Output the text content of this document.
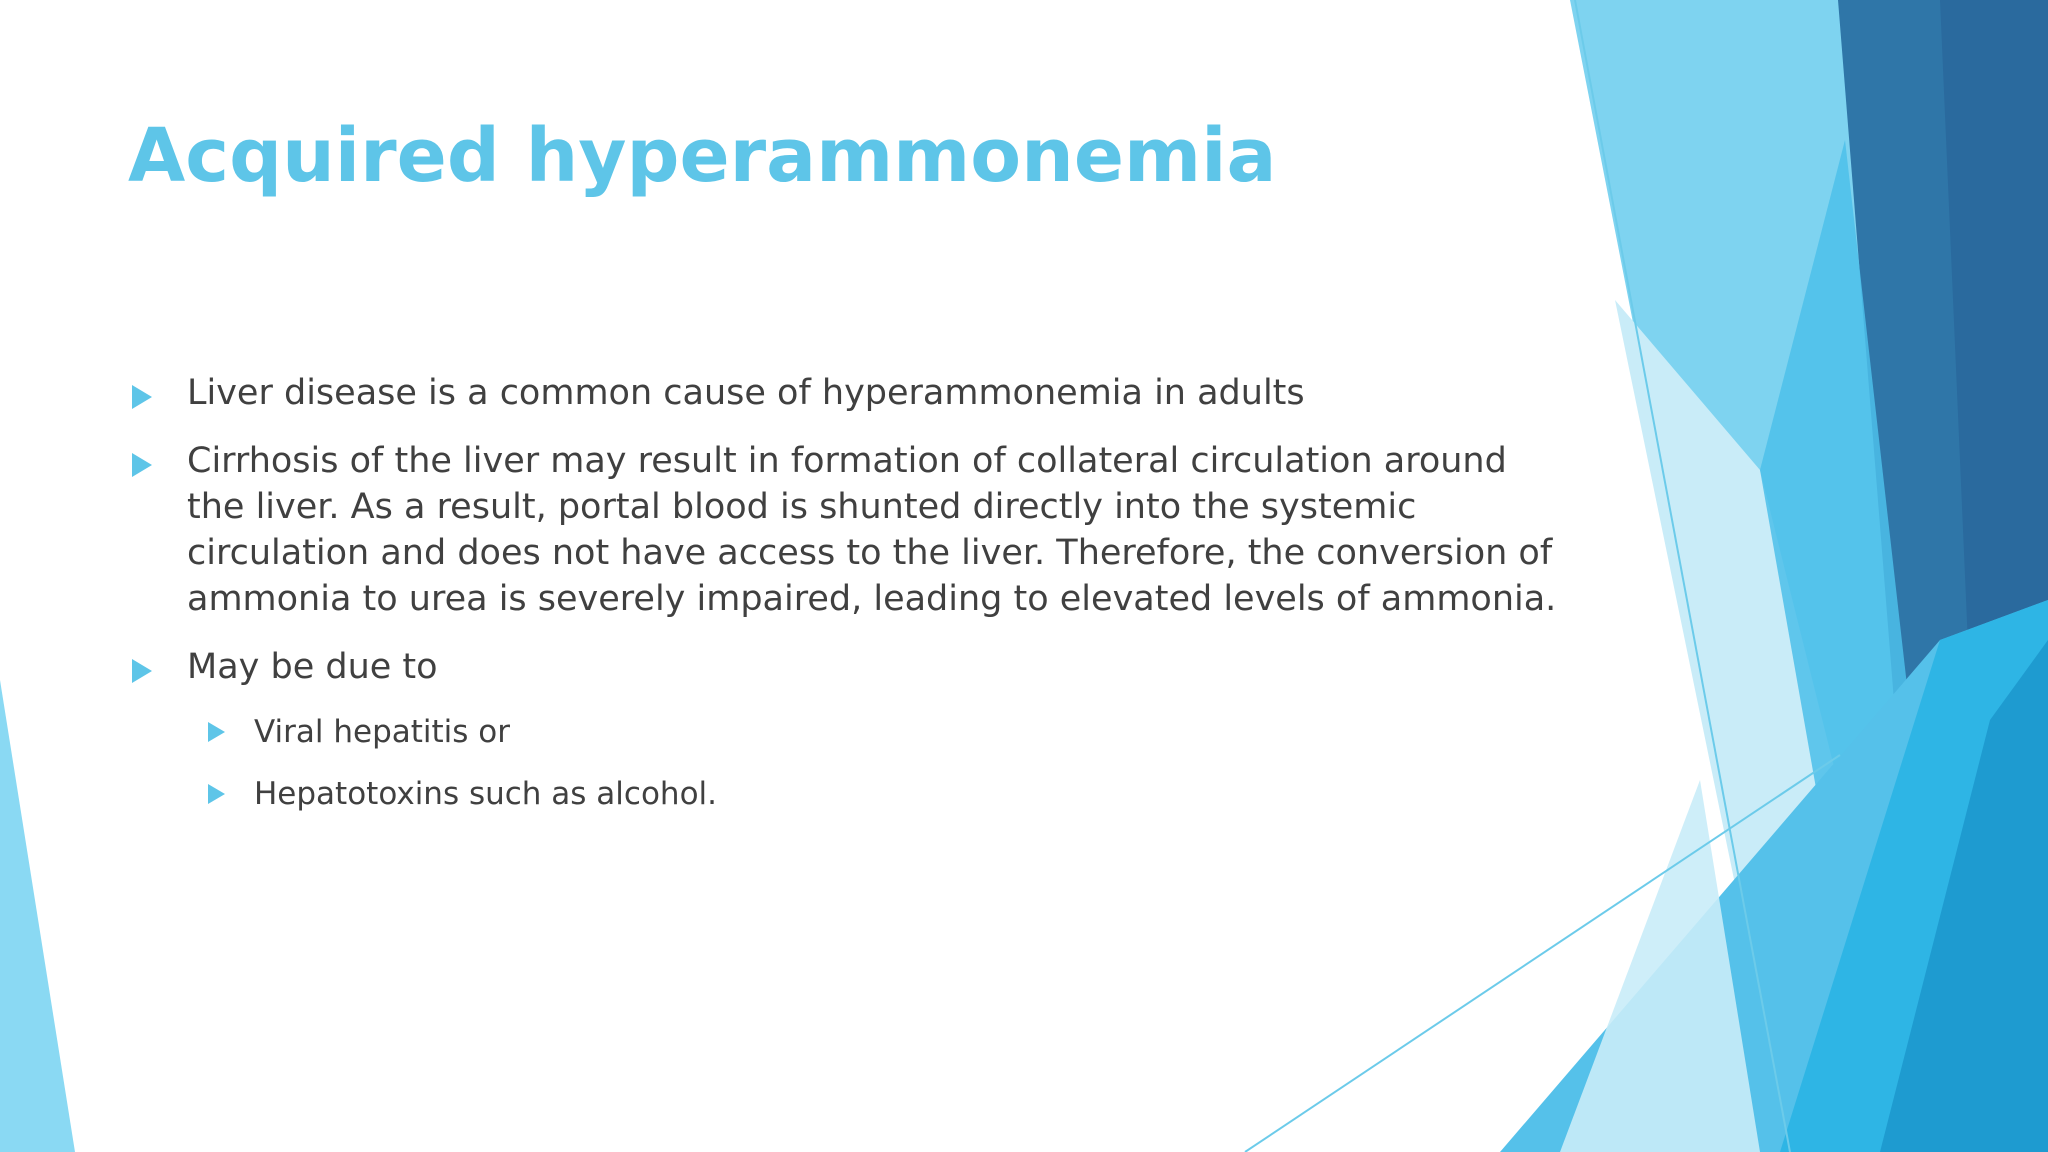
Acquired hyperammonemia
Liver disease is a common cause of hyperammonemia in adults
Cirrhosis of the liver may result in formation of collateral circulation around the liver. As a result, portal blood is shunted directly into the systemic circulation and does not have access to the liver. Therefore, the conversion of ammonia to urea is severely impaired, leading to elevated levels of ammonia.
May be due to
Viral hepatitis or
Hepatotoxins such as alcohol.
